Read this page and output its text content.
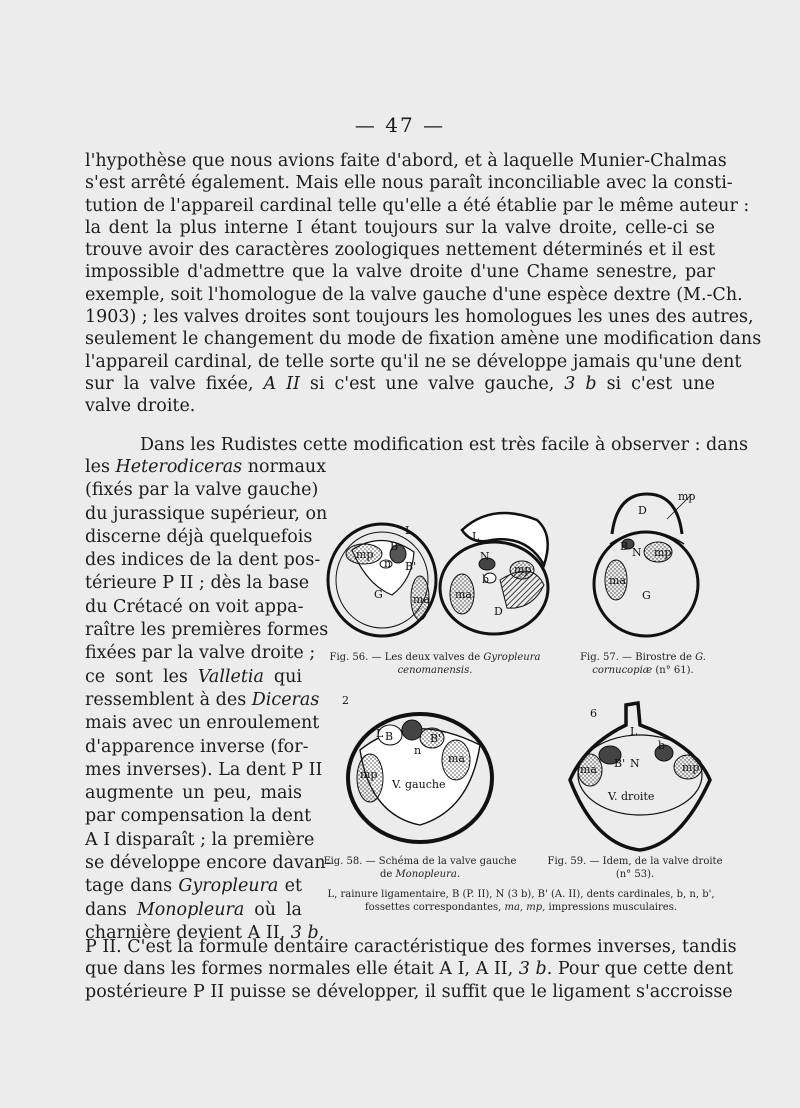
— 47 —
l'hypothèse que nous avions faite d'abord, et à laquelle Munier-Chalmas
s'est arrêté également. Mais elle nous paraît inconciliable avec la consti-
tution de l'appareil cardinal telle qu'elle a été établie par le même auteur :
la dent la plus interne I étant toujours sur la valve droite, celle-ci se
trouve avoir des caractères zoologiques nettement déterminés et il est
impossible d'admettre que la valve droite d'une Chame senestre, par
exemple, soit l'homologue de la valve gauche d'une espèce dextre (M.-Ch.
1903) ; les valves droites sont toujours les homologues les unes des autres,
seulement le changement du mode de fixation amène une modification dans
l'appareil cardinal, de telle sorte qu'il ne se développe jamais qu'une dent
sur la valve fixée, A II si c'est une valve gauche, 3 b si c'est une
valve droite.
Dans les Rudistes cette modification est très facile à observer : dans
les Heterodiceras normaux
(fixés par la valve gauche)
du jurassique supérieur, on
discerne déjà quelquefois
des indices de la dent pos-
térieure P II ; dès la base
du Crétacé on voit appa-
raître les premières formes
fixées par la valve droite ;
ce sont les Valletia qui
ressemblent à des Diceras
mais avec un enroulement
d'apparence inverse (for-
mes inverses). La dent P II
augmente un peu, mais
par compensation la dent
A I disparaît ; la première
se développe encore davan-
tage dans Gyropleura et
dans Monopleura où la
charnière devient A II, 3 b,
P II. C'est la formule dentaire caractéristique des formes inverses, tandis
que dans les formes normales elle était A I, A II, 3 b. Pour que cette dent
postérieure P II puisse se développer, il suffit que le ligament s'accroisse
mp
ma
L
B
B'
n
G
L
N
b
ma
mp
D
Fig. 56. — Les deux valves de Gyropleura
cenomanensis.
mp
D
B N mp
ma
G
Fig. 57. — Birostre de G.
cornucopiæ (n° 61).
2
L B	B'
n
mp
ma
V. gauche
Fig. 58. — Schéma de la valve gauche
de Monopleura.
6
L
b
B' N
ma	mp
V. droite
Fig. 59. — Idem, de la valve droite
(n° 53).
L, rainure ligamentaire, B (P. II), N (3 b), B' (A. II), dents cardinales, b, n, b',
fossettes correspondantes, ma, mp, impressions musculaires.
